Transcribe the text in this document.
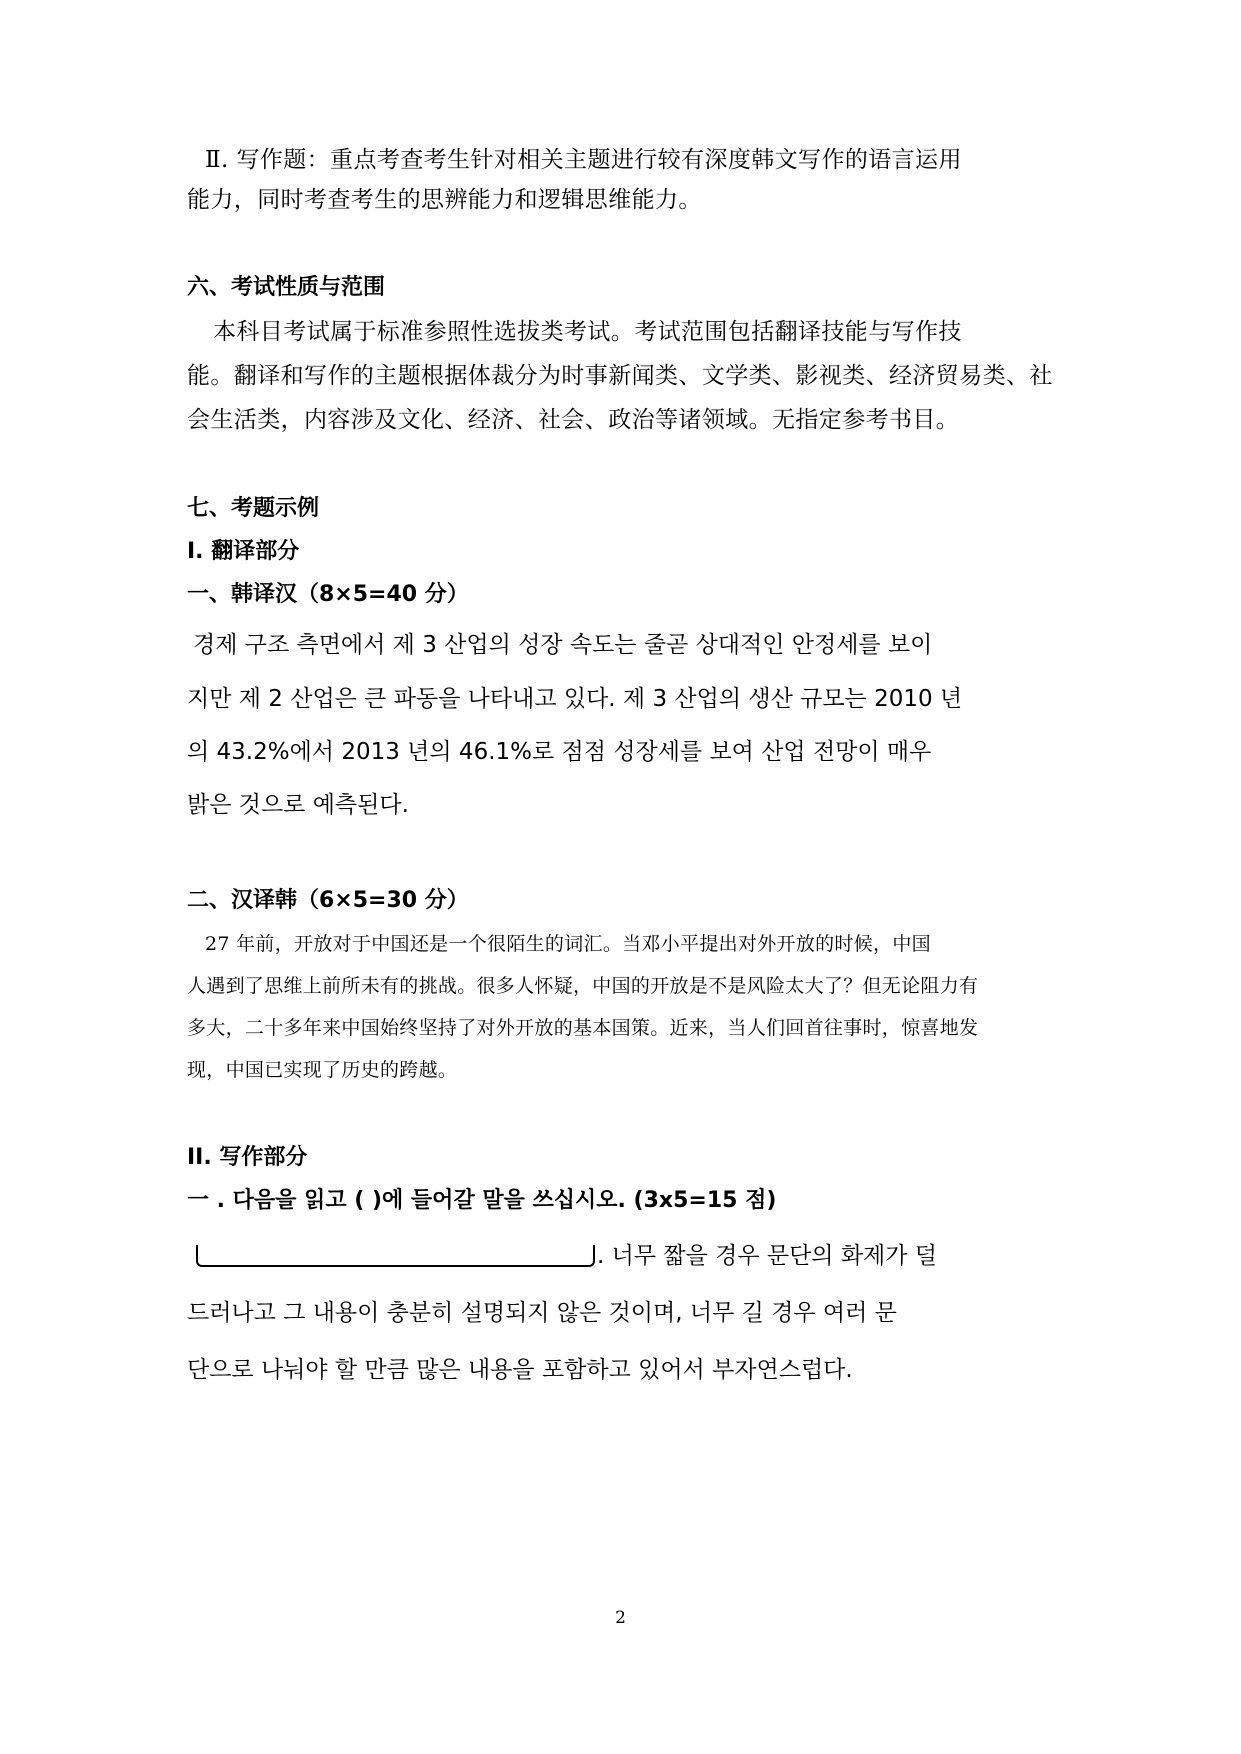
Ⅱ. 写作题：重点考查考生针对相关主题进行较有深度韩文写作的语言运用
能力，同时考查考生的思辨能力和逻辑思维能力。
六、考试性质与范围
本科目考试属于标准参照性选拔类考试。考试范围包括翻译技能与写作技
能。翻译和写作的主题根据体裁分为时事新闻类、文学类、影视类、经济贸易类、社
会生活类，内容涉及文化、经济、社会、政治等诸领域。无指定参考书目。
七、考题示例
I. 翻译部分
一、韩译汉（8×5=40 分）
경제 구조 측면에서 제 3 산업의 성장 속도는 줄곧 상대적인 안정세를 보이
지만 제 2 산업은 큰 파동을 나타내고 있다. 제 3 산업의 생산 규모는 2010 년
의 43.2%에서 2013 년의 46.1%로 점점 성장세를 보여 산업 전망이 매우
밝은 것으로 예측된다.
二、汉译韩（6×5=30 分）
27 年前，开放对于中国还是一个很陌生的词汇。当邓小平提出对外开放的时候，中国
人遇到了思维上前所未有的挑战。很多人怀疑，中国的开放是不是风险太大了？但无论阻力有
多大，二十多年来中国始终坚持了对外开放的基本国策。近来，当人们回首往事时，惊喜地发
现，中国已实现了历史的跨越。
II. 写作部分
一 . 다음을 읽고 ( )에 들어갈 말을 쓰십시오. (3x5=15 점)
. 너무 짧을 경우 문단의 화제가 덜
드러나고 그 내용이 충분히 설명되지 않은 것이며, 너무 길 경우 여러 문
단으로 나눠야 할 만큼 많은 내용을 포함하고 있어서 부자연스럽다.
2
